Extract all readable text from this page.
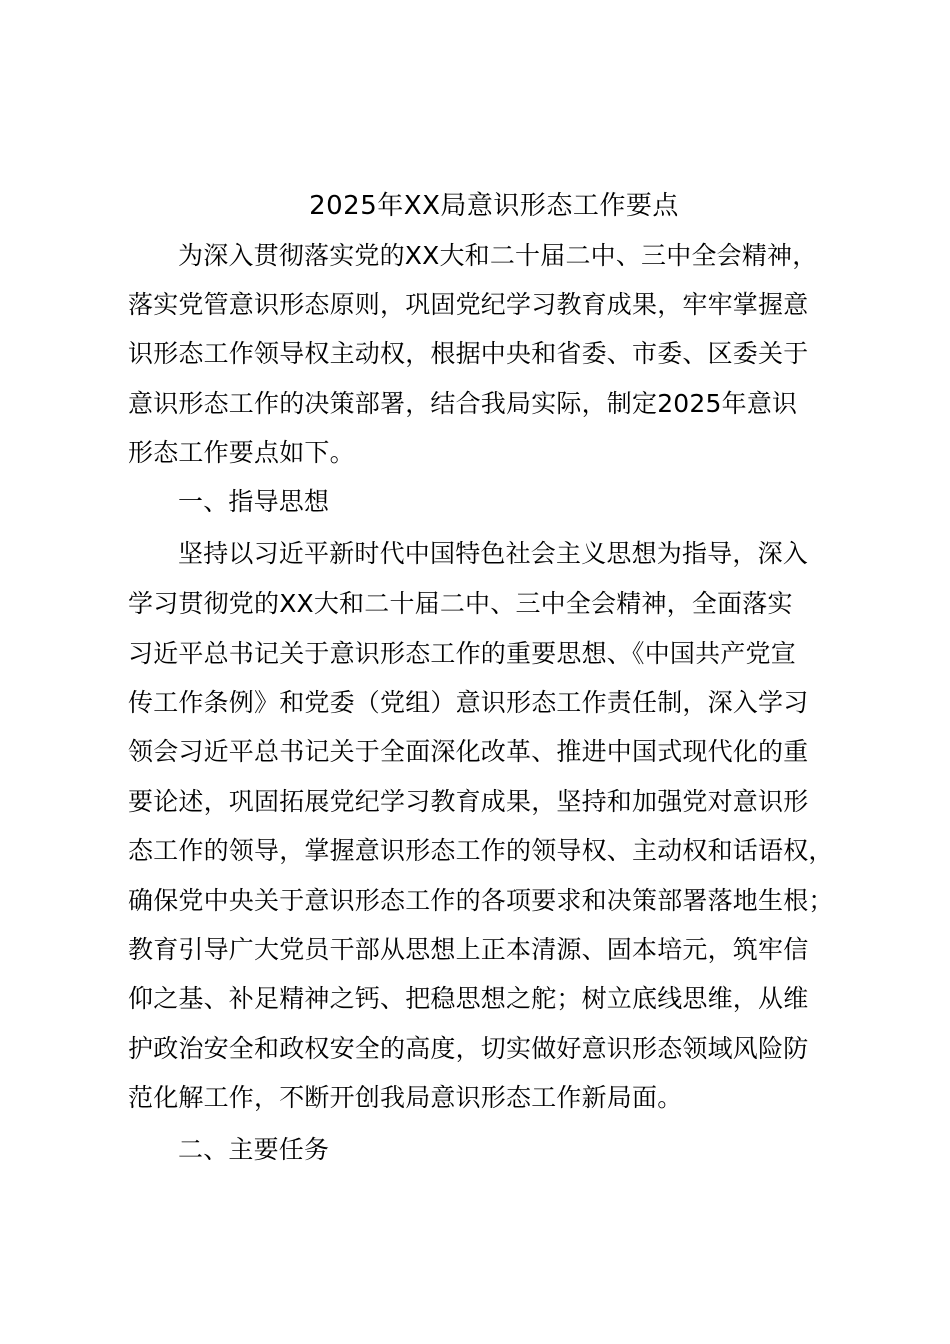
2025年XX局意识形态工作要点
为深入贯彻落实党的XX大和二十届二中、三中全会精神，
落实党管意识形态原则，巩固党纪学习教育成果，牢牢掌握意
识形态工作领导权主动权，根据中央和省委、市委、区委关于
意识形态工作的决策部署，结合我局实际，制定2025年意识
形态工作要点如下。
一、指导思想
坚持以习近平新时代中国特色社会主义思想为指导，深入
学习贯彻党的XX大和二十届二中、三中全会精神，全面落实
习近平总书记关于意识形态工作的重要思想、《中国共产党宣
传工作条例》和党委（党组）意识形态工作责任制，深入学习
领会习近平总书记关于全面深化改革、推进中国式现代化的重
要论述，巩固拓展党纪学习教育成果，坚持和加强党对意识形
态工作的领导，掌握意识形态工作的领导权、主动权和话语权，
确保党中央关于意识形态工作的各项要求和决策部署落地生根；
教育引导广大党员干部从思想上正本清源、固本培元，筑牢信
仰之基、补足精神之钙、把稳思想之舵；树立底线思维，从维
护政治安全和政权安全的高度，切实做好意识形态领域风险防
范化解工作，不断开创我局意识形态工作新局面。
二、主要任务
